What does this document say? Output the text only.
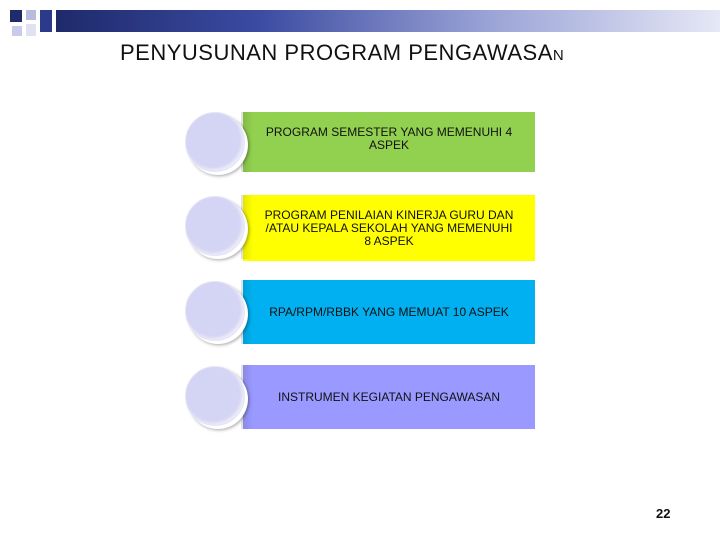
PENYUSUNAN PROGRAM PENGAWASAN
PROGRAM SEMESTER YANG MEMENUHI 4 ASPEK
PROGRAM PENILAIAN KINERJA GURU DAN /ATAU KEPALA SEKOLAH YANG MEMENUHI 8 ASPEK
RPA/RPM/RBBK YANG MEMUAT 10 ASPEK
INSTRUMEN KEGIATAN PENGAWASAN
22
